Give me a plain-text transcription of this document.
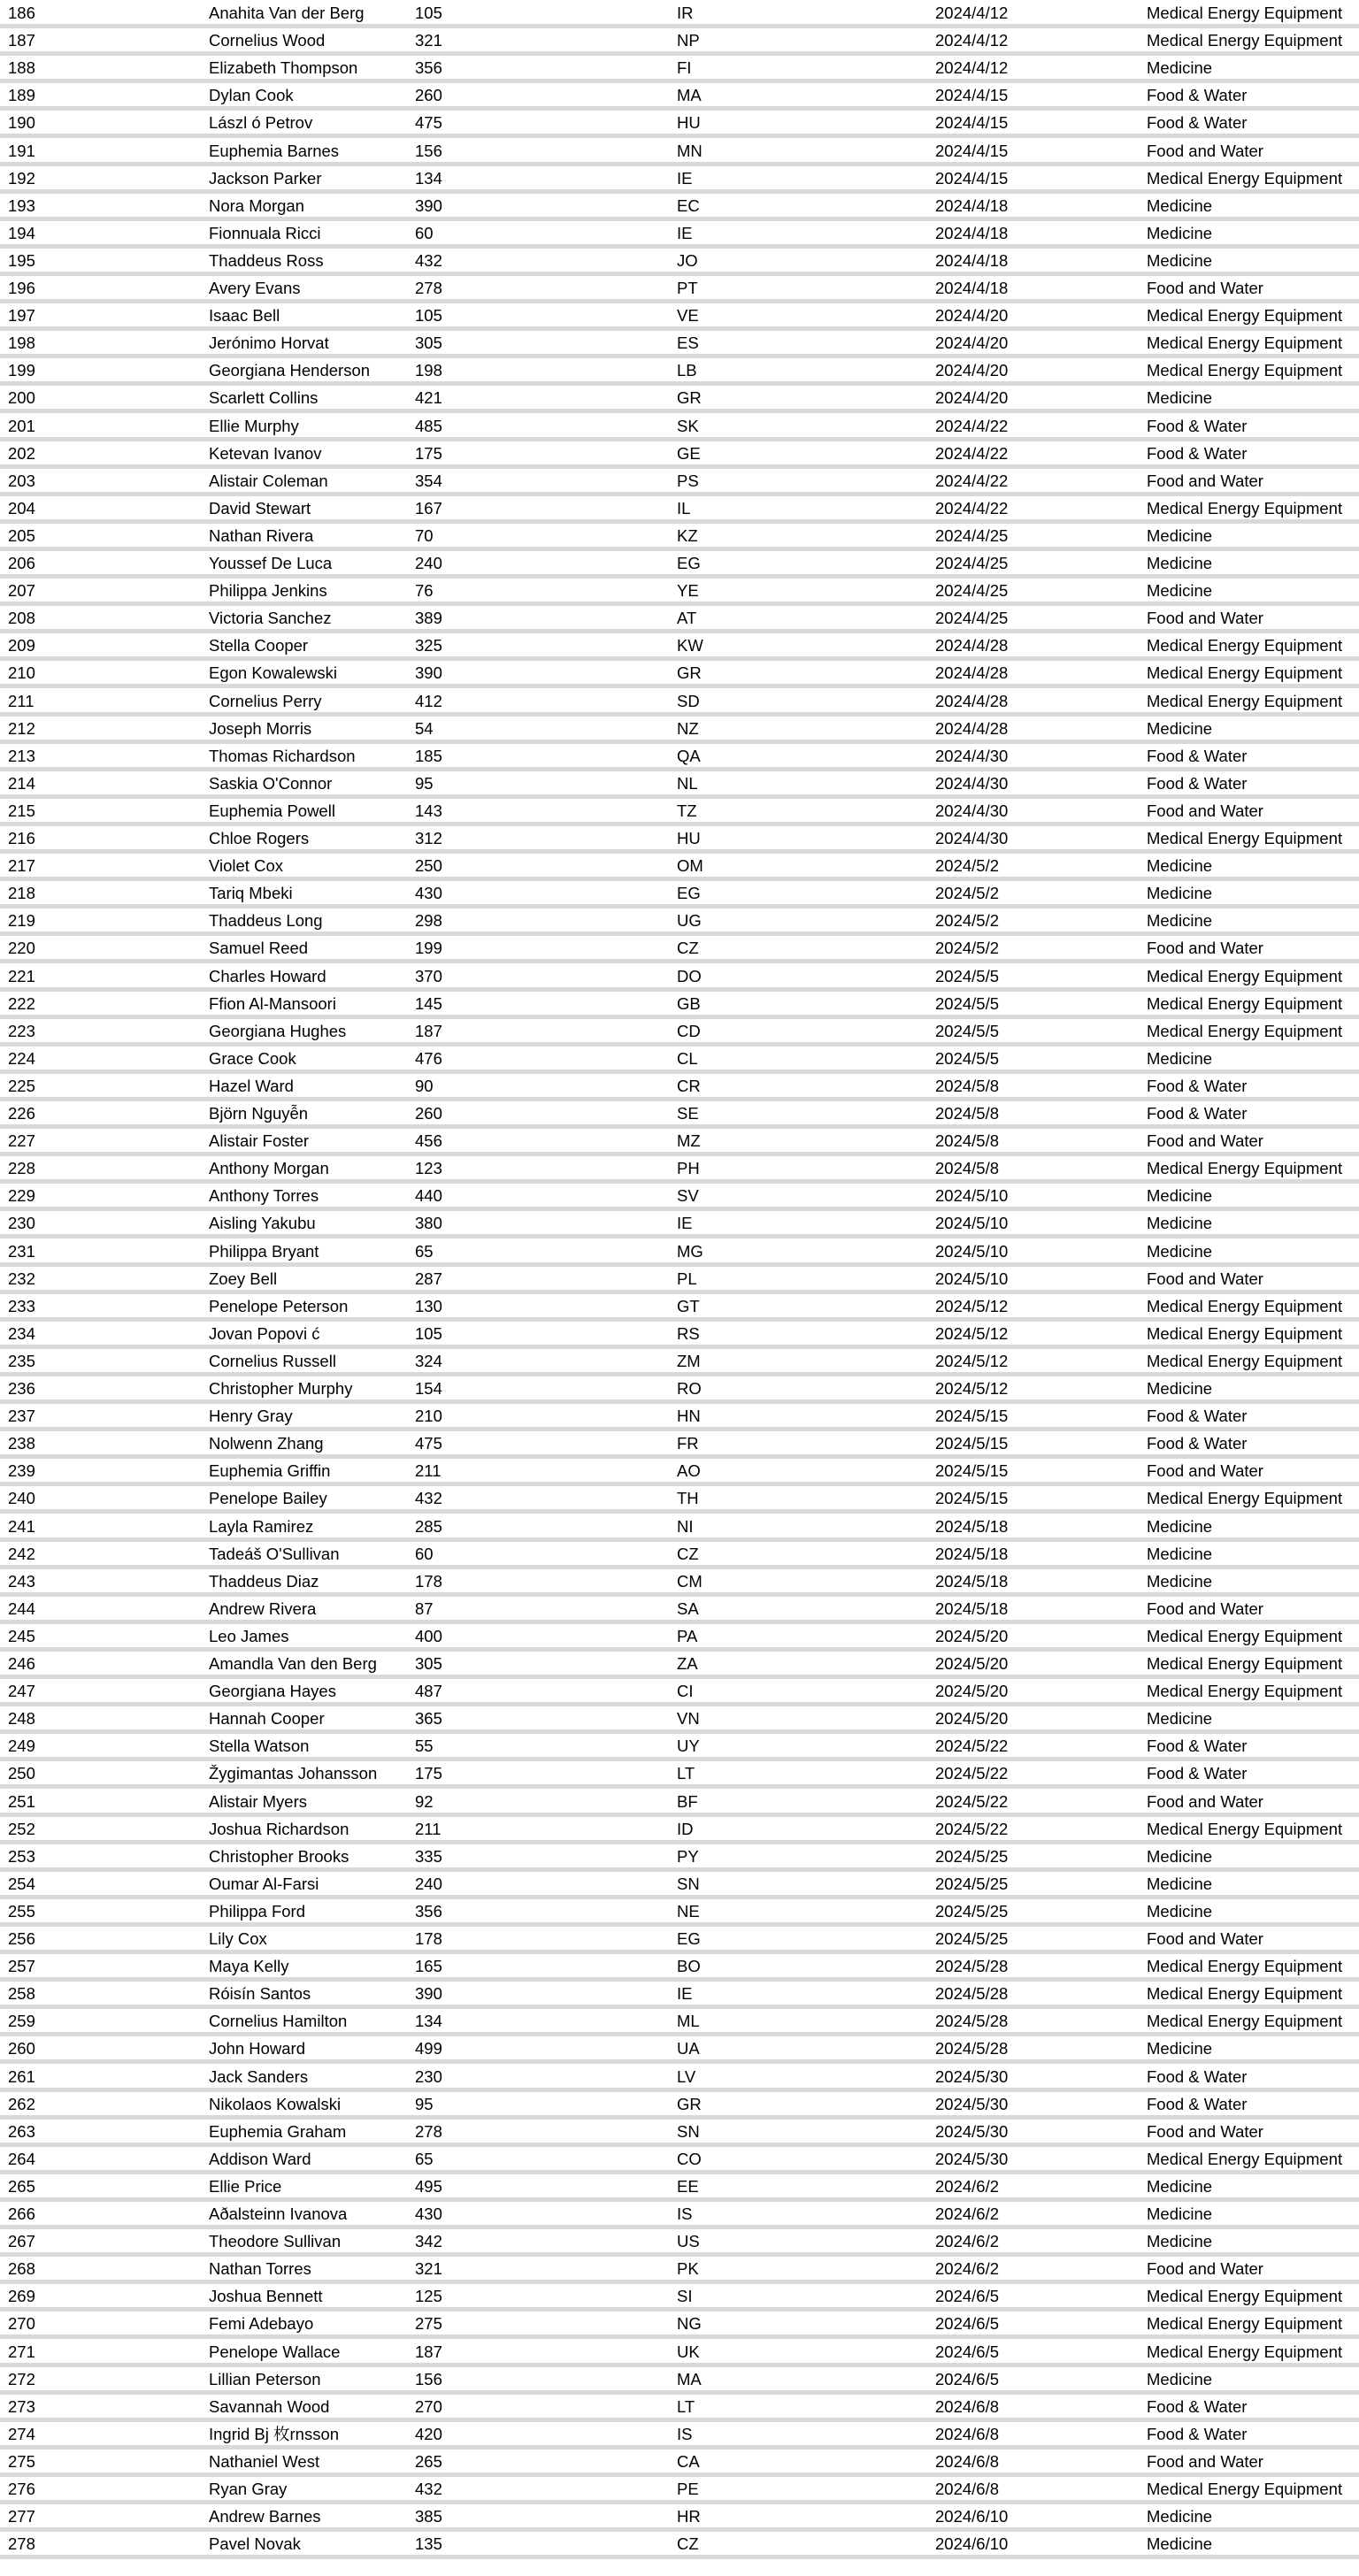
186	Anahita Van der Berg	105	IR	2024/4/12	Medical Energy Equipment
187	Cornelius Wood	321	NP	2024/4/12	Medical Energy Equipment
188	Elizabeth Thompson	356	FI	2024/4/12	Medicine
189	Dylan Cook	260	MA	2024/4/15	Food & Water
190	Lászl ó Petrov	475	HU	2024/4/15	Food & Water
191	Euphemia Barnes	156	MN	2024/4/15	Food and Water
192	Jackson Parker	134	IE	2024/4/15	Medical Energy Equipment
193	Nora Morgan	390	EC	2024/4/18	Medicine
194	Fionnuala Ricci	60	IE	2024/4/18	Medicine
195	Thaddeus Ross	432	JO	2024/4/18	Medicine
196	Avery Evans	278	PT	2024/4/18	Food and Water
197	Isaac Bell	105	VE	2024/4/20	Medical Energy Equipment
198	Jerónimo Horvat	305	ES	2024/4/20	Medical Energy Equipment
199	Georgiana Henderson	198	LB	2024/4/20	Medical Energy Equipment
200	Scarlett Collins	421	GR	2024/4/20	Medicine
201	Ellie Murphy	485	SK	2024/4/22	Food & Water
202	Ketevan Ivanov	175	GE	2024/4/22	Food & Water
203	Alistair Coleman	354	PS	2024/4/22	Food and Water
204	David Stewart	167	IL	2024/4/22	Medical Energy Equipment
205	Nathan Rivera	70	KZ	2024/4/25	Medicine
206	Youssef De Luca	240	EG	2024/4/25	Medicine
207	Philippa Jenkins	76	YE	2024/4/25	Medicine
208	Victoria Sanchez	389	AT	2024/4/25	Food and Water
209	Stella Cooper	325	KW	2024/4/28	Medical Energy Equipment
210	Egon Kowalewski	390	GR	2024/4/28	Medical Energy Equipment
211	Cornelius Perry	412	SD	2024/4/28	Medical Energy Equipment
212	Joseph Morris	54	NZ	2024/4/28	Medicine
213	Thomas Richardson	185	QA	2024/4/30	Food & Water
214	Saskia O'Connor	95	NL	2024/4/30	Food & Water
215	Euphemia Powell	143	TZ	2024/4/30	Food and Water
216	Chloe Rogers	312	HU	2024/4/30	Medical Energy Equipment
217	Violet Cox	250	OM	2024/5/2	Medicine
218	Tariq Mbeki	430	EG	2024/5/2	Medicine
219	Thaddeus Long	298	UG	2024/5/2	Medicine
220	Samuel Reed	199	CZ	2024/5/2	Food and Water
221	Charles Howard	370	DO	2024/5/5	Medical Energy Equipment
222	Ffion Al-Mansoori	145	GB	2024/5/5	Medical Energy Equipment
223	Georgiana Hughes	187	CD	2024/5/5	Medical Energy Equipment
224	Grace Cook	476	CL	2024/5/5	Medicine
225	Hazel Ward	90	CR	2024/5/8	Food & Water
226	Björn Nguyễn	260	SE	2024/5/8	Food & Water
227	Alistair Foster	456	MZ	2024/5/8	Food and Water
228	Anthony Morgan	123	PH	2024/5/8	Medical Energy Equipment
229	Anthony Torres	440	SV	2024/5/10	Medicine
230	Aisling Yakubu	380	IE	2024/5/10	Medicine
231	Philippa Bryant	65	MG	2024/5/10	Medicine
232	Zoey Bell	287	PL	2024/5/10	Food and Water
233	Penelope Peterson	130	GT	2024/5/12	Medical Energy Equipment
234	Jovan Popovi ć	105	RS	2024/5/12	Medical Energy Equipment
235	Cornelius Russell	324	ZM	2024/5/12	Medical Energy Equipment
236	Christopher Murphy	154	RO	2024/5/12	Medicine
237	Henry Gray	210	HN	2024/5/15	Food & Water
238	Nolwenn Zhang	475	FR	2024/5/15	Food & Water
239	Euphemia Griffin	211	AO	2024/5/15	Food and Water
240	Penelope Bailey	432	TH	2024/5/15	Medical Energy Equipment
241	Layla Ramirez	285	NI	2024/5/18	Medicine
242	Tadeáš O'Sullivan	60	CZ	2024/5/18	Medicine
243	Thaddeus Diaz	178	CM	2024/5/18	Medicine
244	Andrew Rivera	87	SA	2024/5/18	Food and Water
245	Leo James	400	PA	2024/5/20	Medical Energy Equipment
246	Amandla Van den Berg 305	ZA	2024/5/20	Medical Energy Equipment
247	Georgiana Hayes	487	CI	2024/5/20	Medical Energy Equipment
248	Hannah Cooper	365	VN	2024/5/20	Medicine
249	Stella Watson	55	UY	2024/5/22	Food & Water
250	Žygimantas Johansson 175	LT	2024/5/22	Food & Water
251	Alistair Myers	92	BF	2024/5/22	Food and Water
252	Joshua Richardson	211	ID	2024/5/22	Medical Energy Equipment
253	Christopher Brooks	335	PY	2024/5/25	Medicine
254	Oumar Al-Farsi	240	SN	2024/5/25	Medicine
255	Philippa Ford	356	NE	2024/5/25	Medicine
256	Lily Cox	178	EG	2024/5/25	Food and Water
257	Maya Kelly	165	BO	2024/5/28	Medical Energy Equipment
258	Róisín Santos	390	IE	2024/5/28	Medical Energy Equipment
259	Cornelius Hamilton	134	ML	2024/5/28	Medical Energy Equipment
260	John Howard	499	UA	2024/5/28	Medicine
261	Jack Sanders	230	LV	2024/5/30	Food & Water
262	Nikolaos Kowalski	95	GR	2024/5/30	Food & Water
263	Euphemia Graham	278	SN	2024/5/30	Food and Water
264	Addison Ward	65	CO	2024/5/30	Medical Energy Equipment
265	Ellie Price	495	EE	2024/6/2	Medicine
266	Aðalsteinn Ivanova	430	IS	2024/6/2	Medicine
267	Theodore Sullivan	342	US	2024/6/2	Medicine
268	Nathan Torres	321	PK	2024/6/2	Food and Water
269	Joshua Bennett	125	SI	2024/6/5	Medical Energy Equipment
270	Femi Adebayo	275	NG	2024/6/5	Medical Energy Equipment
271	Penelope Wallace	187	UK	2024/6/5	Medical Energy Equipment
272	Lillian Peterson	156	MA	2024/6/5	Medicine
273	Savannah Wood	270	LT	2024/6/8	Food & Water
274	Ingrid Bj 枚rnsson	420	IS	2024/6/8	Food & Water
275	Nathaniel West	265	CA	2024/6/8	Food and Water
276	Ryan Gray	432	PE	2024/6/8	Medical Energy Equipment
277	Andrew Barnes	385	HR	2024/6/10	Medicine
278	Pavel Novak	135	CZ	2024/6/10	Medicine
